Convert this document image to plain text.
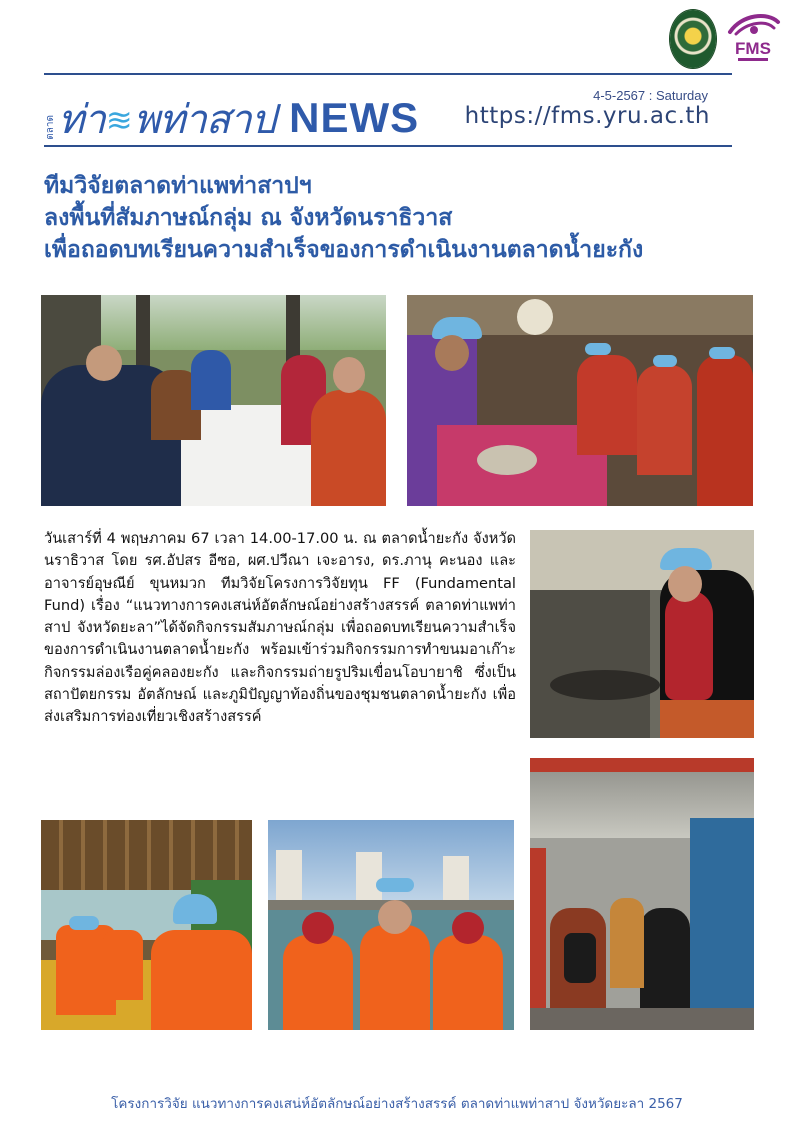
FMS
ตลาด ท่า ≋ พท่าสาป NEWS	4-5-2567 : Saturday
https://fms.yru.ac.th
ทีมวิจัยตลาดท่าแพท่าสาปฯ
ลงพื้นที่สัมภาษณ์กลุ่ม ณ จังหวัดนราธิวาส
เพื่อถอดบทเรียนความสำเร็จของการดำเนินงานตลาดน้ำยะกัง

วันเสาร์ที่ 4 พฤษภาคม 67 เวลา 14.00-17.00 น. ณ ตลาดน้ำยะกัง จังหวัดนราธิวาส โดย รศ.อัปสร อีซอ, ผศ.ปวีณา เจะอารง, ดร.ภานุ คะนอง และอาจารย์อุษณีย์ ขุนหมวก ทีมวิจัยโครงการวิจัยทุน FF (Fundamental Fund) เรื่อง “แนวทางการคงเสน่ห์อัตลักษณ์อย่างสร้างสรรค์ ตลาดท่าแพท่าสาป จังหวัดยะลา”ได้จัดกิจกรรมสัมภาษณ์กลุ่ม เพื่อถอดบทเรียนความสำเร็จของการดำเนินงานตลาดน้ำยะกัง พร้อมเข้าร่วมกิจกรรมการทำขนมอาเก๊าะ กิจกรรมล่องเรือคู่คลองยะกัง และกิจกรรมถ่ายรูปริมเขื่อนโอบายาชิ ซึ่งเป็นสถาปัตยกรรม อัตลักษณ์ และภูมิปัญญาท้องถิ่นของชุมชนตลาดน้ำยะกัง เพื่อส่งเสริมการท่องเที่ยวเชิงสร้างสรรค์

โครงการวิจัย แนวทางการคงเสน่ห์อัตลักษณ์อย่างสร้างสรรค์ ตลาดท่าแพท่าสาป จังหวัดยะลา 2567
